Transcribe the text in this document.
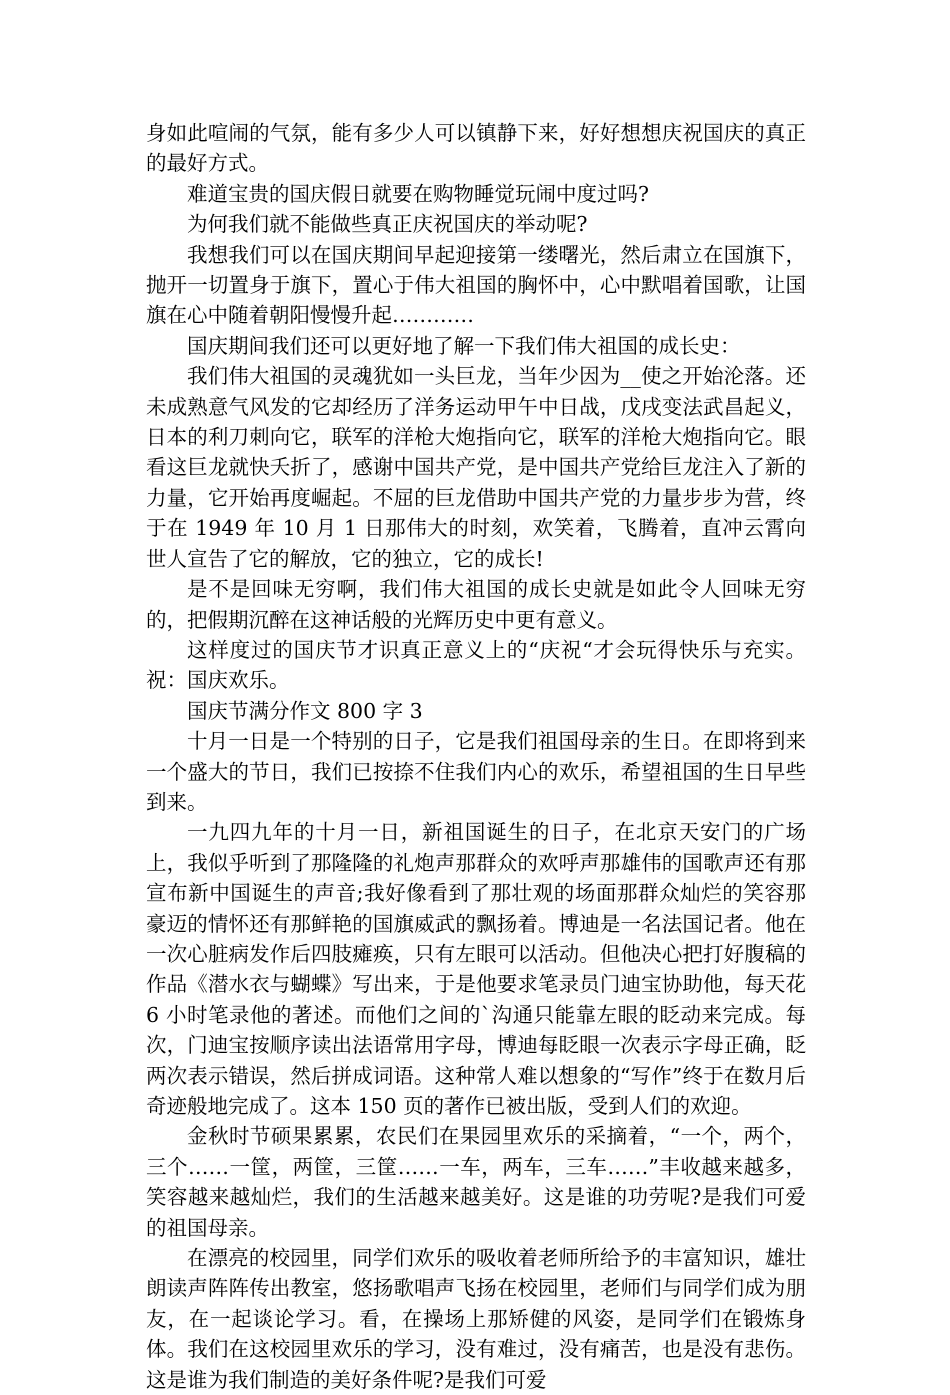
身如此喧闹的气氛，能有多少人可以镇静下来，好好想想庆祝国庆的真正的最好方式。

难道宝贵的国庆假日就要在购物睡觉玩闹中度过吗?

为何我们就不能做些真正庆祝国庆的举动呢?

我想我们可以在国庆期间早起迎接第一缕曙光，然后肃立在国旗下，抛开一切置身于旗下，置心于伟大祖国的胸怀中，心中默唱着国歌，让国旗在心中随着朝阳慢慢升起…………

国庆期间我们还可以更好地了解一下我们伟大祖国的成长史：

我们伟大祖国的灵魂犹如一头巨龙，当年少因为__使之开始沦落。还未成熟意气风发的它却经历了洋务运动甲午中日战，戊戌变法武昌起义，日本的利刀刺向它，联军的洋枪大炮指向它，联军的洋枪大炮指向它。眼看这巨龙就快夭折了，感谢中国共产党，是中国共产党给巨龙注入了新的力量，它开始再度崛起。不屈的巨龙借助中国共产党的力量步步为营，终于在 1949 年 10 月 1 日那伟大的时刻，欢笑着，飞腾着，直冲云霄向世人宣告了它的解放，它的独立，它的成长!

是不是回味无穷啊，我们伟大祖国的成长史就是如此令人回味无穷的，把假期沉醉在这神话般的光辉历史中更有意义。

这样度过的国庆节才识真正意义上的“庆祝“才会玩得快乐与充实。祝：国庆欢乐。

国庆节满分作文 800 字 3

十月一日是一个特别的日子，它是我们祖国母亲的生日。在即将到来一个盛大的节日，我们已按捺不住我们内心的欢乐，希望祖国的生日早些到来。

一九四九年的十月一日，新祖国诞生的日子，在北京天安门的广场上，我似乎听到了那隆隆的礼炮声那群众的欢呼声那雄伟的国歌声还有那宣布新中国诞生的声音;我好像看到了那壮观的场面那群众灿烂的笑容那豪迈的情怀还有那鲜艳的国旗威武的飘扬着。博迪是一名法国记者。他在一次心脏病发作后四肢瘫痪，只有左眼可以活动。但他决心把打好腹稿的作品《潜水衣与蝴蝶》写出来，于是他要求笔录员门迪宝协助他，每天花 6 小时笔录他的著述。而他们之间的`沟通只能靠左眼的眨动来完成。每次，门迪宝按顺序读出法语常用字母，博迪每眨眼一次表示字母正确，眨两次表示错误，然后拼成词语。这种常人难以想象的“写作”终于在数月后奇迹般地完成了。这本 150 页的著作已被出版，受到人们的欢迎。

金秋时节硕果累累，农民们在果园里欢乐的采摘着，“一个，两个，三个……一筐，两筐，三筐……一车，两车，三车……”丰收越来越多，笑容越来越灿烂，我们的生活越来越美好。这是谁的功劳呢?是我们可爱的祖国母亲。

在漂亮的校园里，同学们欢乐的吸收着老师所给予的丰富知识，雄壮朗读声阵阵传出教室，悠扬歌唱声飞扬在校园里，老师们与同学们成为朋友，在一起谈论学习。看，在操场上那矫健的风姿，是同学们在锻炼身体。我们在这校园里欢乐的学习，没有难过，没有痛苦，也是没有悲伤。这是谁为我们制造的美好条件呢?是我们可爱
